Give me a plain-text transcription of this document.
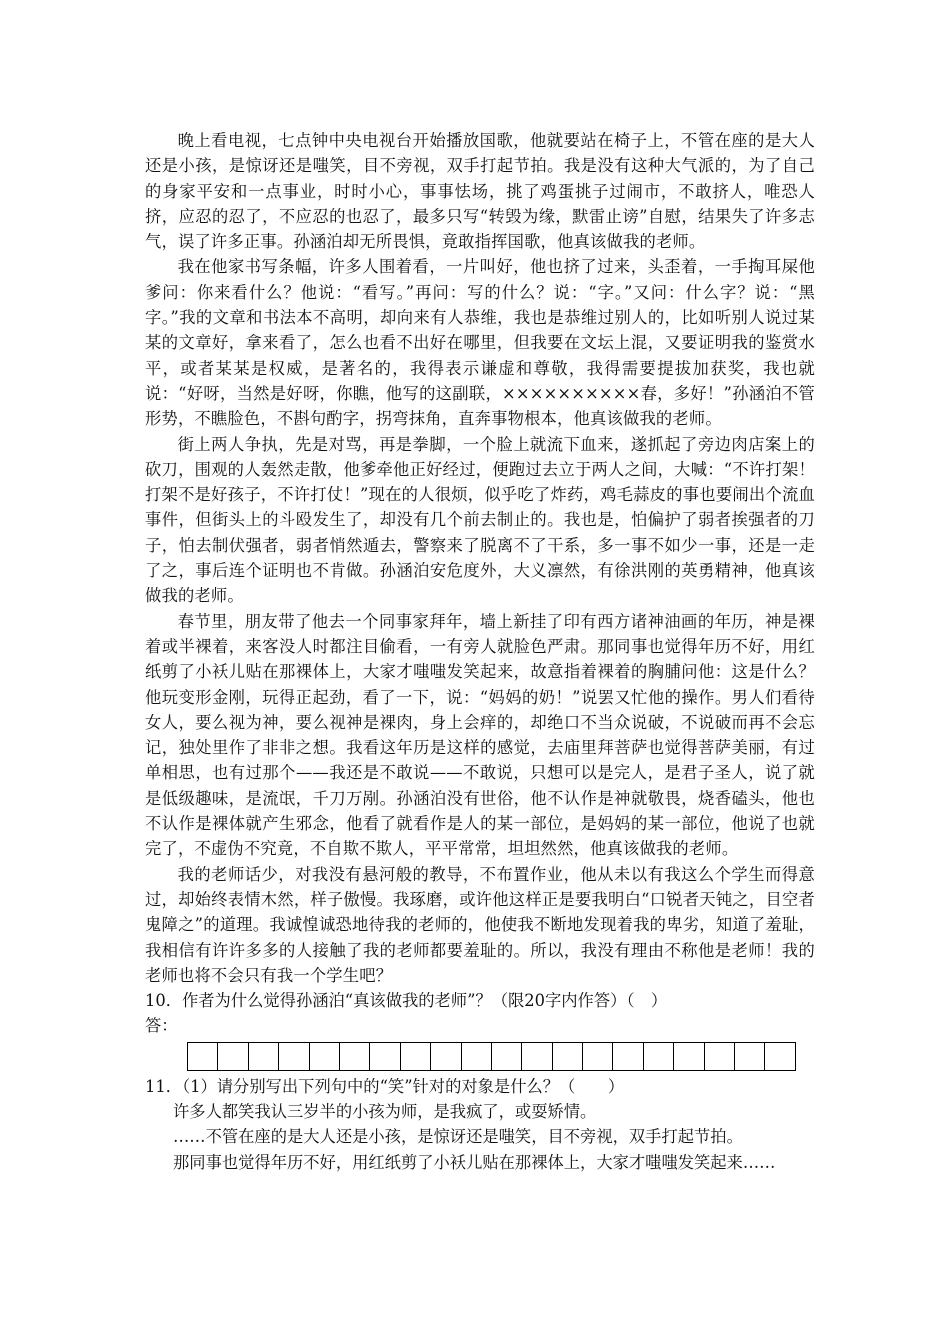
晚上看电视，七点钟中央电视台开始播放国歌，他就要站在椅子上，不管在座的是大人还是小孩，是惊讶还是嗤笑，目不旁视，双手打起节拍。我是没有这种大气派的，为了自己的身家平安和一点事业，时时小心，事事怯场，挑了鸡蛋挑子过闹市，不敢挤人，唯恐人挤，应忍的忍了，不应忍的也忍了，最多只写“转毁为缘，默雷止谤”自慰，结果失了许多志气，误了许多正事。孙涵泊却无所畏惧，竟敢指挥国歌，他真该做我的老师。

我在他家书写条幅，许多人围着看，一片叫好，他也挤了过来，头歪着，一手掏耳屎他爹问：你来看什么？他说：“看写。”再问：写的什么？说：“字。”又问：什么字？说：“黑字。”我的文章和书法本不高明，却向来有人恭维，我也是恭维过别人的，比如听别人说过某某的文章好，拿来看了，怎么也看不出好在哪里，但我要在文坛上混，又要证明我的鉴赏水平，或者某某是权威，是著名的，我得表示谦虚和尊敬，我得需要提拔加获奖，我也就说：“好呀，当然是好呀，你瞧，他写的这副联，××××××××××春，多好！”孙涵泊不管形势，不瞧脸色，不斟句酌字，拐弯抹角，直奔事物根本，他真该做我的老师。

街上两人争执，先是对骂，再是拳脚，一个脸上就流下血来，遂抓起了旁边肉店案上的砍刀，围观的人轰然走散，他爹牵他正好经过，便跑过去立于两人之间，大喊：“不许打架！打架不是好孩子，不许打仗！”现在的人很烦，似乎吃了炸药，鸡毛蒜皮的事也要闹出个流血事件，但街头上的斗殴发生了，却没有几个前去制止的。我也是，怕偏护了弱者挨强者的刀子，怕去制伏强者，弱者悄然遁去，警察来了脱离不了干系，多一事不如少一事，还是一走了之，事后连个证明也不肯做。孙涵泊安危度外，大义凛然，有徐洪刚的英勇精神，他真该做我的老师。

春节里，朋友带了他去一个同事家拜年，墙上新挂了印有西方诸神油画的年历，神是裸着或半裸着，来客没人时都注目偷看，一有旁人就脸色严肃。那同事也觉得年历不好，用红纸剪了小袄儿贴在那裸体上，大家才嗤嗤发笑起来，故意指着裸着的胸脯问他：这是什么？他玩变形金刚，玩得正起劲，看了一下，说：“妈妈的奶！”说罢又忙他的操作。男人们看待女人，要么视为神，要么视神是裸肉，身上会痒的，却绝口不当众说破，不说破而再不会忘记，独处里作了非非之想。我看这年历是这样的感觉，去庙里拜菩萨也觉得菩萨美丽，有过单相思，也有过那个——我还是不敢说——不敢说，只想可以是完人，是君子圣人，说了就是低级趣味，是流氓，千刀万剐。孙涵泊没有世俗，他不认作是神就敬畏，烧香磕头，他也不认作是裸体就产生邪念，他看了就看作是人的某一部位，是妈妈的某一部位，他说了也就完了，不虚伪不究竟，不自欺不欺人，平平常常，坦坦然然，他真该做我的老师。

我的老师话少，对我没有悬河般的教导，不布置作业，他从未以有我这么个学生而得意过，却始终表情木然，样子傲慢。我琢磨，或许他这样正是要我明白“口锐者天钝之，目空者鬼障之”的道理。我诚惶诚恐地待我的老师的，他使我不断地发现着我的卑劣，知道了羞耻，我相信有许许多多的人接触了我的老师都要羞耻的。所以，我没有理由不称他是老师！我的老师也将不会只有我一个学生吧？

10．作者为什么觉得孙涵泊“真该做我的老师”？（限20字内作答）（　）

答：

11．（1）请分别写出下列句中的“笑”针对的对象是什么？（　　）

许多人都笑我认三岁半的小孩为师，是我疯了，或耍矫情。

……不管在座的是大人还是小孩，是惊讶还是嗤笑，目不旁视，双手打起节拍。

那同事也觉得年历不好，用红纸剪了小袄儿贴在那裸体上，大家才嗤嗤发笑起来……
